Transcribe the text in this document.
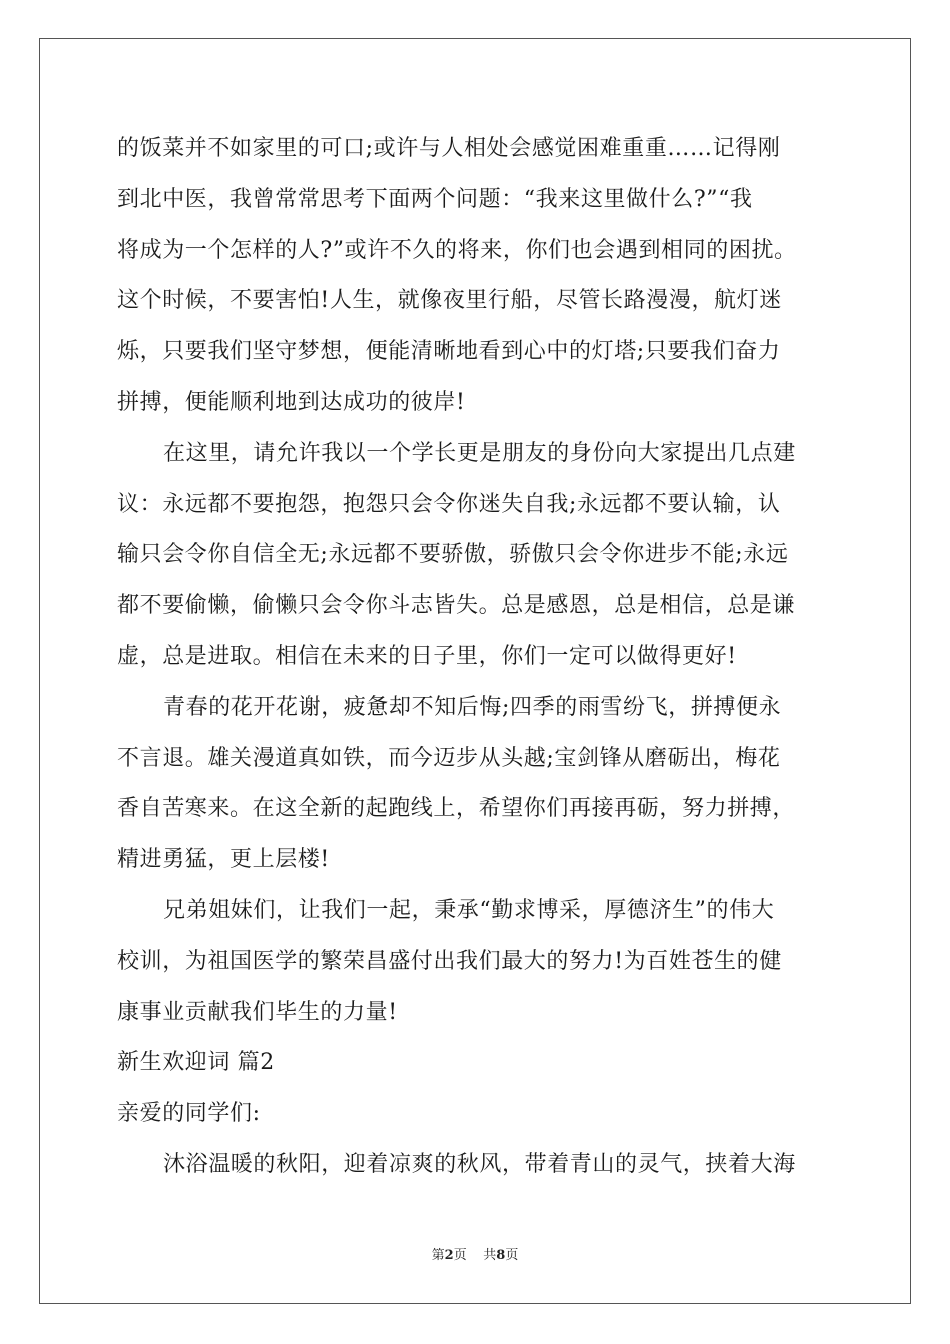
的饭菜并不如家里的可口;或许与人相处会感觉困难重重……记得刚

到北中医，我曾常常思考下面两个问题：“我来这里做什么?”“我

将成为一个怎样的人?”或许不久的将来，你们也会遇到相同的困扰。

这个时候，不要害怕!人生，就像夜里行船，尽管长路漫漫，航灯迷

烁，只要我们坚守梦想，便能清晰地看到心中的灯塔;只要我们奋力

拼搏，便能顺利地到达成功的彼岸!

在这里，请允许我以一个学长更是朋友的身份向大家提出几点建

议：永远都不要抱怨，抱怨只会令你迷失自我;永远都不要认输，认

输只会令你自信全无;永远都不要骄傲，骄傲只会令你进步不能;永远

都不要偷懒，偷懒只会令你斗志皆失。总是感恩，总是相信，总是谦

虚，总是进取。相信在未来的日子里，你们一定可以做得更好!

青春的花开花谢，疲惫却不知后悔;四季的雨雪纷飞，拼搏便永

不言退。雄关漫道真如铁，而今迈步从头越;宝剑锋从磨砺出，梅花

香自苦寒来。在这全新的起跑线上，希望你们再接再砺，努力拼搏，

精进勇猛，更上层楼!

兄弟姐妹们，让我们一起，秉承“勤求博采，厚德济生”的伟大

校训，为祖国医学的繁荣昌盛付出我们最大的努力!为百姓苍生的健

康事业贡献我们毕生的力量!

新生欢迎词 篇2

亲爱的同学们:

沐浴温暖的秋阳，迎着凉爽的秋风，带着青山的灵气，挟着大海

第2页 共8页
